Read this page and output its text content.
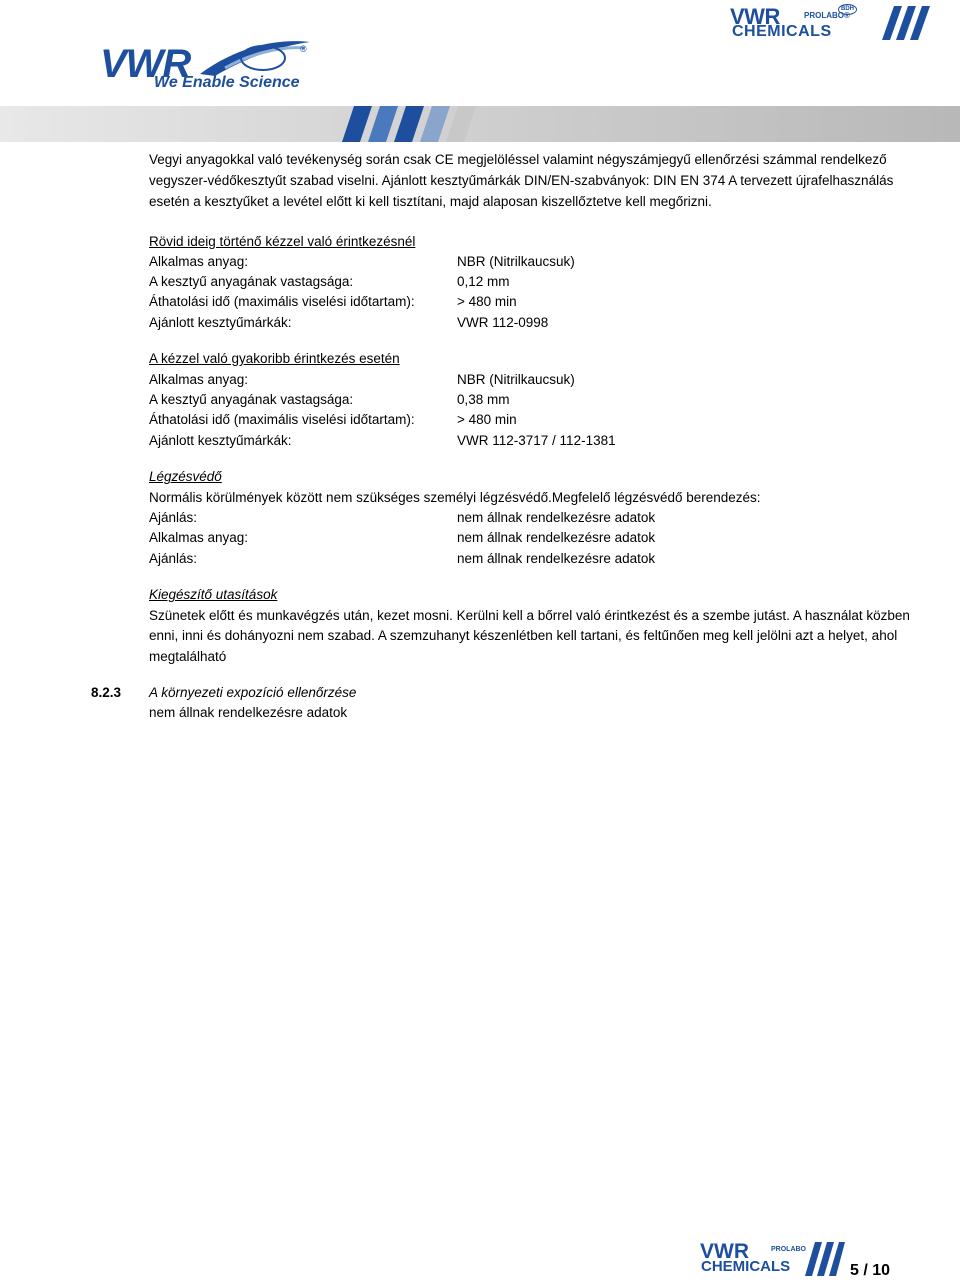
VWR	®
We Enable Science
VWR	BDH
PROLABO®
CHEMICALS
Vegyi anyagokkal való tevékenység során csak CE megjelöléssel valamint négyszámjegyű ellenőrzési számmal rendelkező
vegyszer-védőkesztyűt szabad viselni. Ajánlott kesztyűmárkák DIN/EN-szabványok: DIN EN 374 A tervezett újrafelhasználás
esetén a kesztyűket a levétel előtt ki kell tisztítani, majd alaposan kiszellőztetve kell megőrizni.
Rövid ideig történő kézzel való érintkezésnél
Alkalmas anyag:	NBR (Nitrilkaucsuk)
A kesztyű anyagának vastagsága:	0,12 mm
Áthatolási idő (maximális viselési időtartam):	> 480 min
Ajánlott kesztyűmárkák:	VWR 112-0998
A kézzel való gyakoribb érintkezés esetén
Alkalmas anyag:	NBR (Nitrilkaucsuk)
A kesztyű anyagának vastagsága:	0,38 mm
Áthatolási idő (maximális viselési időtartam):	> 480 min
Ajánlott kesztyűmárkák:	VWR 112-3717 / 112-1381
Légzésvédő
Normális körülmények között nem szükséges személyi légzésvédő.Megfelelő légzésvédő berendezés:
Ajánlás:	nem állnak rendelkezésre adatok
Alkalmas anyag:	nem állnak rendelkezésre adatok
Ajánlás:	nem állnak rendelkezésre adatok
Kiegészítő utasítások
Szünetek előtt és munkavégzés után, kezet mosni. Kerülni kell a bőrrel való érintkezést és a szembe jutást. A használat közben
enni, inni és dohányozni nem szabad. A szemzuhanyt készenlétben kell tartani, és feltűnően meg kell jelölni azt a helyet, ahol
megtalálható
8.2.3 A környezeti expozíció ellenőrzése
nem állnak rendelkezésre adatok
VWR	PROLABO
CHEMICALS	5 / 10
